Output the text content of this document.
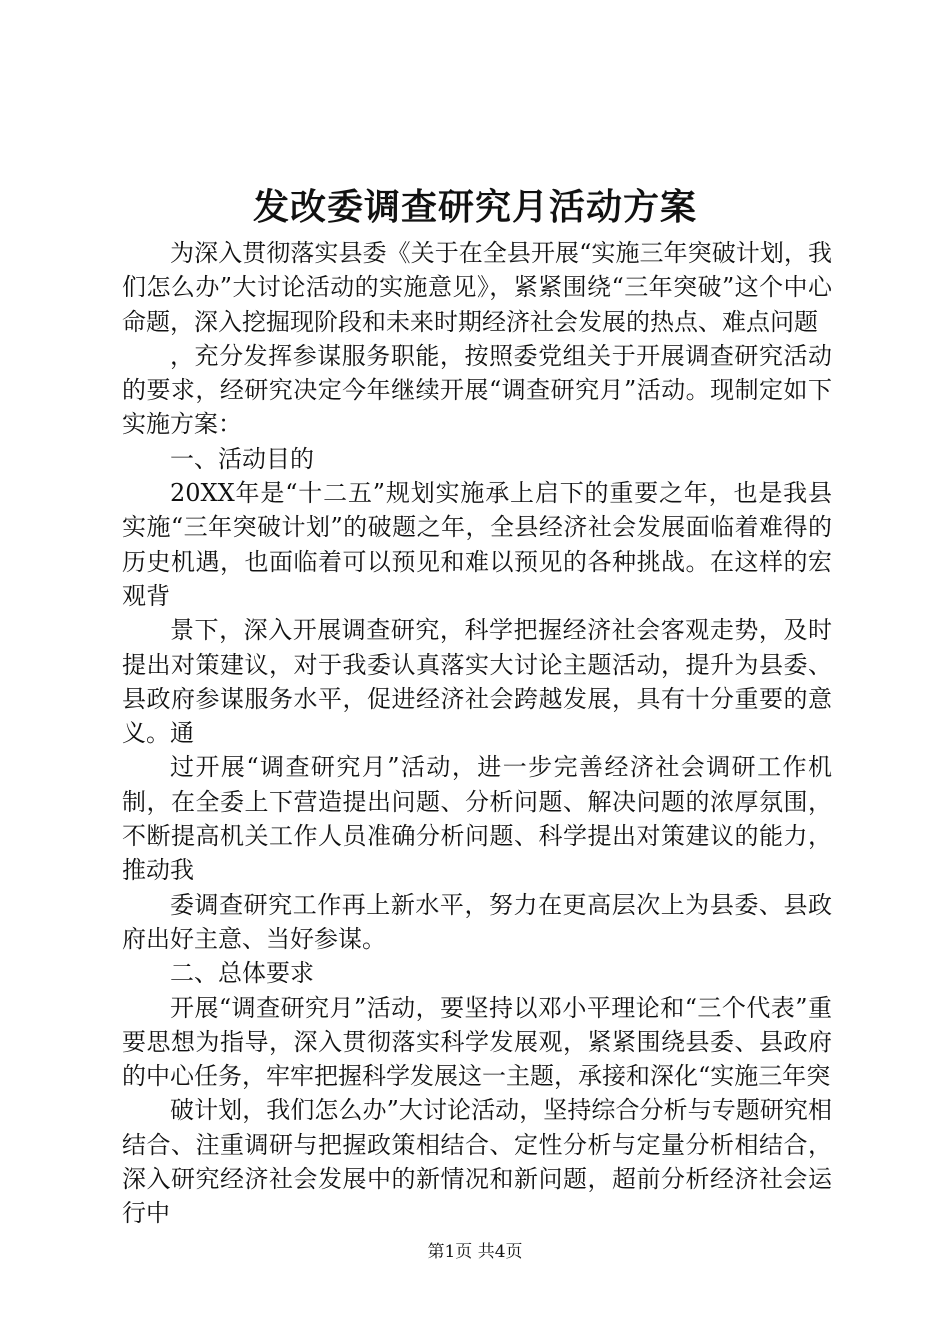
发改委调查研究月活动方案

为深入贯彻落实县委《关于在全县开展“实施三年突破计划，我们怎么办”大讨论活动的实施意见》，紧紧围绕“三年突破”这个中心命题，深入挖掘现阶段和未来时期经济社会发展的热点、难点问题

，充分发挥参谋服务职能，按照委党组关于开展调查研究活动的要求，经研究决定今年继续开展“调查研究月”活动。现制定如下实施方案：

一、活动目的

20XX年是“十二五”规划实施承上启下的重要之年，也是我县实施“三年突破计划”的破题之年，全县经济社会发展面临着难得的历史机遇，也面临着可以预见和难以预见的各种挑战。在这样的宏观背

景下，深入开展调查研究，科学把握经济社会客观走势，及时提出对策建议，对于我委认真落实大讨论主题活动，提升为县委、县政府参谋服务水平，促进经济社会跨越发展，具有十分重要的意义。通

过开展“调查研究月”活动，进一步完善经济社会调研工作机制，在全委上下营造提出问题、分析问题、解决问题的浓厚氛围，不断提高机关工作人员准确分析问题、科学提出对策建议的能力，推动我

委调查研究工作再上新水平，努力在更高层次上为县委、县政府出好主意、当好参谋。

二、总体要求

开展“调查研究月”活动，要坚持以邓小平理论和“三个代表”重要思想为指导，深入贯彻落实科学发展观，紧紧围绕县委、县政府的中心任务，牢牢把握科学发展这一主题，承接和深化“实施三年突

破计划，我们怎么办”大讨论活动，坚持综合分析与专题研究相结合、注重调研与把握政策相结合、定性分析与定量分析相结合，深入研究经济社会发展中的新情况和新问题，超前分析经济社会运行中

第1页 共4页
